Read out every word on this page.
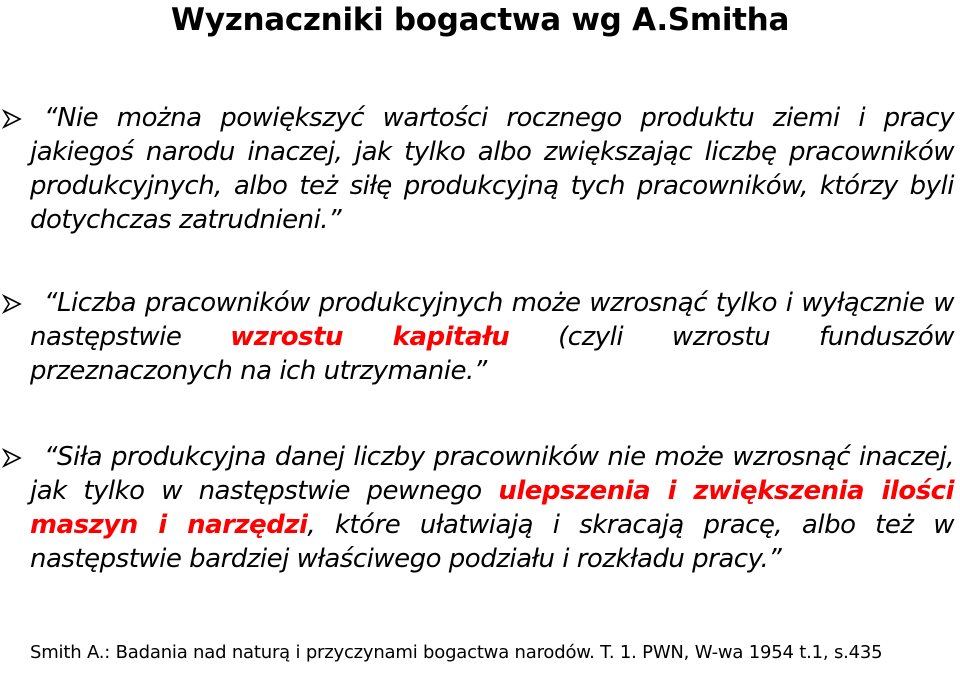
Wyznaczniki bogactwa wg A.Smitha
“Nie można powiększyć wartości rocznego produktu ziemi i pracy jakiegoś narodu inaczej, jak tylko albo zwiększając liczbę pracowników produkcyjnych, albo też siłę produkcyjną tych pracowników, którzy byli dotychczas zatrudnieni.”
“Liczba pracowników produkcyjnych może wzrosnąć tylko i wyłącznie w następstwie wzrostu kapitału (czyli wzrostu funduszów przeznaczonych na ich utrzymanie.”
“Siła produkcyjna danej liczby pracowników nie może wzrosnąć inaczej, jak tylko w następstwie pewnego ulepszenia i zwiększenia ilości maszyn i narzędzi, które ułatwiają i skracają pracę, albo też w następstwie bardziej właściwego podziału i rozkładu pracy.”
Smith A.: Badania nad naturą i przyczynami bogactwa narodów. T. 1. PWN, W-wa 1954 t.1, s.435
